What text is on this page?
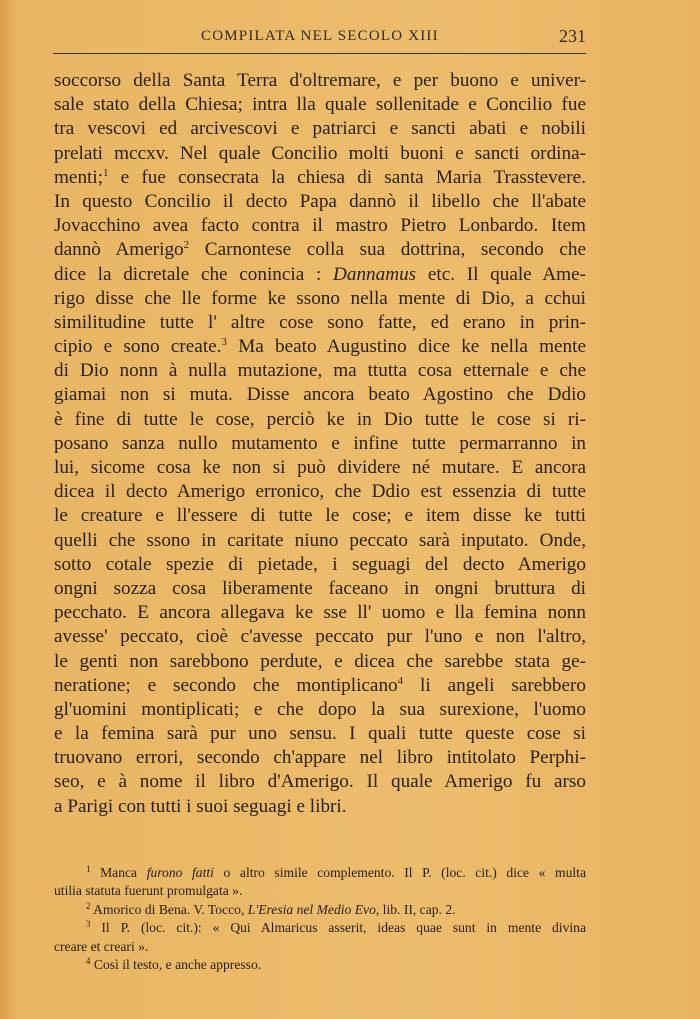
COMPILATA NEL SECOLO XIII	231
soccorso della Santa Terra d'oltremare, e per buono e univer-
sale stato della Chiesa; intra lla quale sollenitade e Concilio fue
tra vescovi ed arcivescovi e patriarci e sancti abati e nobili
prelati mccxv. Nel quale Concilio molti buoni e sancti ordina-
menti;$^1$ e fue consecrata la chiesa di santa Maria Trasstevere.
In questo Concilio il decto Papa dannò il libello che ll'abate
Jovacchino avea facto contra il mastro Pietro Lonbardo. Item
dannò Amerigo$^2$ Carnontese colla sua dottrina, secondo che
dice la dicretale che conincia : Dannamus etc. Il quale Ame-
rigo disse che lle forme ke ssono nella mente di Dio, a cchui
similitudine tutte l' altre cose sono fatte, ed erano in prin-
cipio e sono create.$^3$ Ma beato Augustino dice ke nella mente
di Dio nonn à nulla mutazione, ma ttutta cosa etternale e che
giamai non si muta. Disse ancora beato Agostino che Ddio
è fine di tutte le cose, perciò ke in Dio tutte le cose si ri-
posano sanza nullo mutamento e infine tutte permarranno in
lui, sicome cosa ke non si può dividere né mutare. E ancora
dicea il decto Amerigo erronico, che Ddio est essenzia di tutte
le creature e ll'essere di tutte le cose; e item disse ke tutti
quelli che ssono in caritate niuno peccato sarà inputato. Onde,
sotto cotale spezie di pietade, i seguagi del decto Amerigo
ongni sozza cosa liberamente faceano in ongni bruttura di
pecchato. E ancora allegava ke sse ll' uomo e lla femina nonn
avesse' peccato, cioè c'avesse peccato pur l'uno e non l'altro,
le genti non sarebbono perdute, e dicea che sarebbe stata ge-
neratione; e secondo che montiplicano$^4$ li angeli sarebbero
gl'uomini montiplicati; e che dopo la sua surexione, l'uomo
e la femina sarà pur uno sensu. I quali tutte queste cose si
truovano errori, secondo ch'appare nel libro intitolato Perphi-
seo, e à nome il libro d'Amerigo. Il quale Amerigo fu arso
a Parigi con tutti i suoi seguagi e libri.
$^1$ Manca furono fatti o altro simile complemento. Il P. (loc. cit.) dice « multa
utilia statuta fuerunt promulgata ».
$^2$ Amorico di Bena. V. Tocco, L'Eresia nel Medio Evo, lib. II, cap. 2.
$^3$ Il P. (loc. cit.): « Qui Almaricus asserit, ideas quae sunt in mente divina
creare et creari ».
$^4$ Così il testo, e anche appresso.
